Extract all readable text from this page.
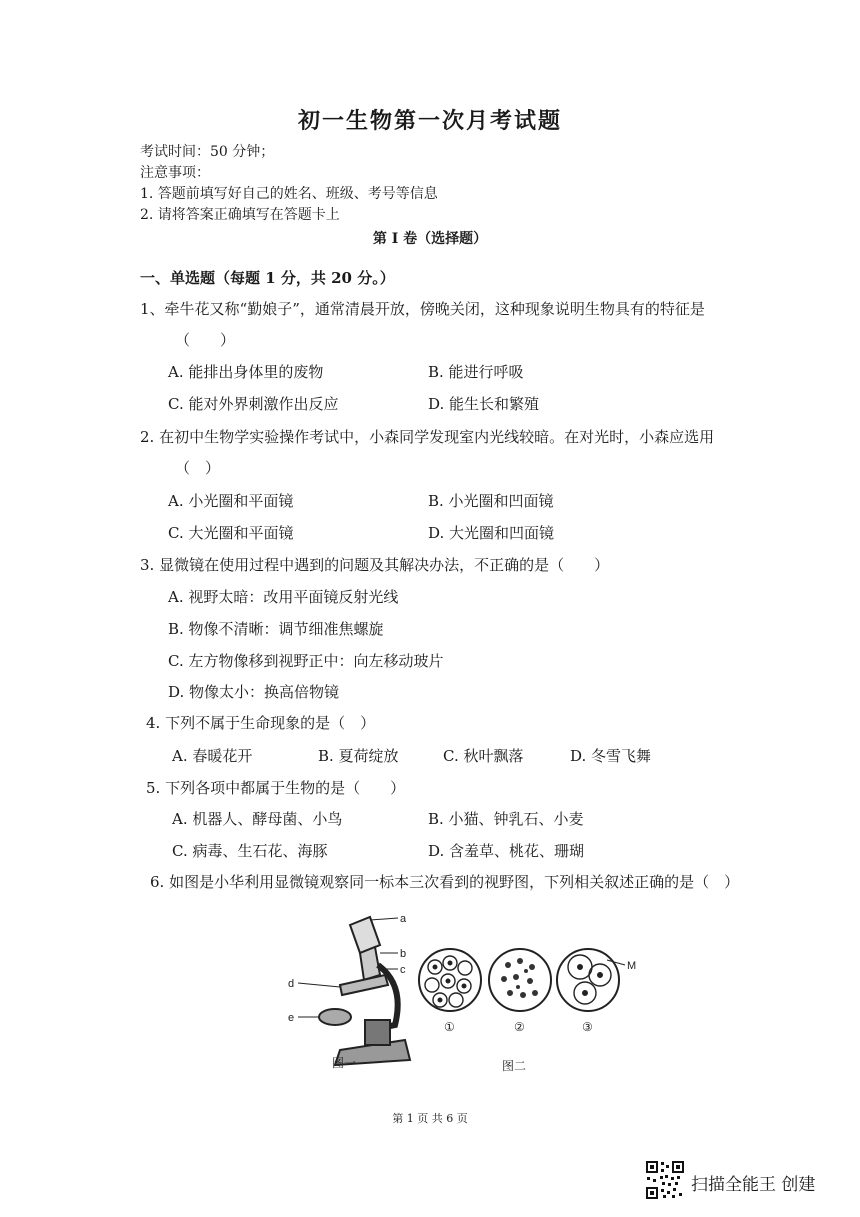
初一生物第一次月考试题
考试时间：50 分钟；
注意事项：
1. 答题前填写好自己的姓名、班级、考号等信息
2. 请将答案正确填写在答题卡上
第 I 卷（选择题）
一、单选题（每题 1 分，共 20 分。）
1、牵牛花又称“勤娘子”，通常清晨开放，傍晚关闭，这种现象说明生物具有的特征是
（　　）
A. 能排出身体里的废物	B. 能进行呼吸
C. 能对外界刺激作出反应	D. 能生长和繁殖
2. 在初中生物学实验操作考试中，小森同学发现室内光线较暗。在对光时，小森应选用
（　）
A. 小光圈和平面镜	B. 小光圈和凹面镜
C. 大光圈和平面镜	D. 大光圈和凹面镜
3. 显微镜在使用过程中遇到的问题及其解决办法，不正确的是（　　）
A. 视野太暗：改用平面镜反射光线
B. 物像不清晰：调节细准焦螺旋
C. 左方物像移到视野正中：向左移动玻片
D. 物像太小：换高倍物镜
4. 下列不属于生命现象的是（　）
A. 春暖花开	B. 夏荷绽放	C. 秋叶飘落	D. 冬雪飞舞
5. 下列各项中都属于生物的是（　　）
A. 机器人、酵母菌、小鸟	B. 小猫、钟乳石、小麦
C. 病毒、生石花、海豚	D. 含羞草、桃花、珊瑚
6. 如图是小华利用显微镜观察同一标本三次看到的视野图，下列相关叙述正确的是（　）
a
b
c
d
e
M
①	②	③
图一	图二
第 1 页 共 6 页
扫描全能王 创建
